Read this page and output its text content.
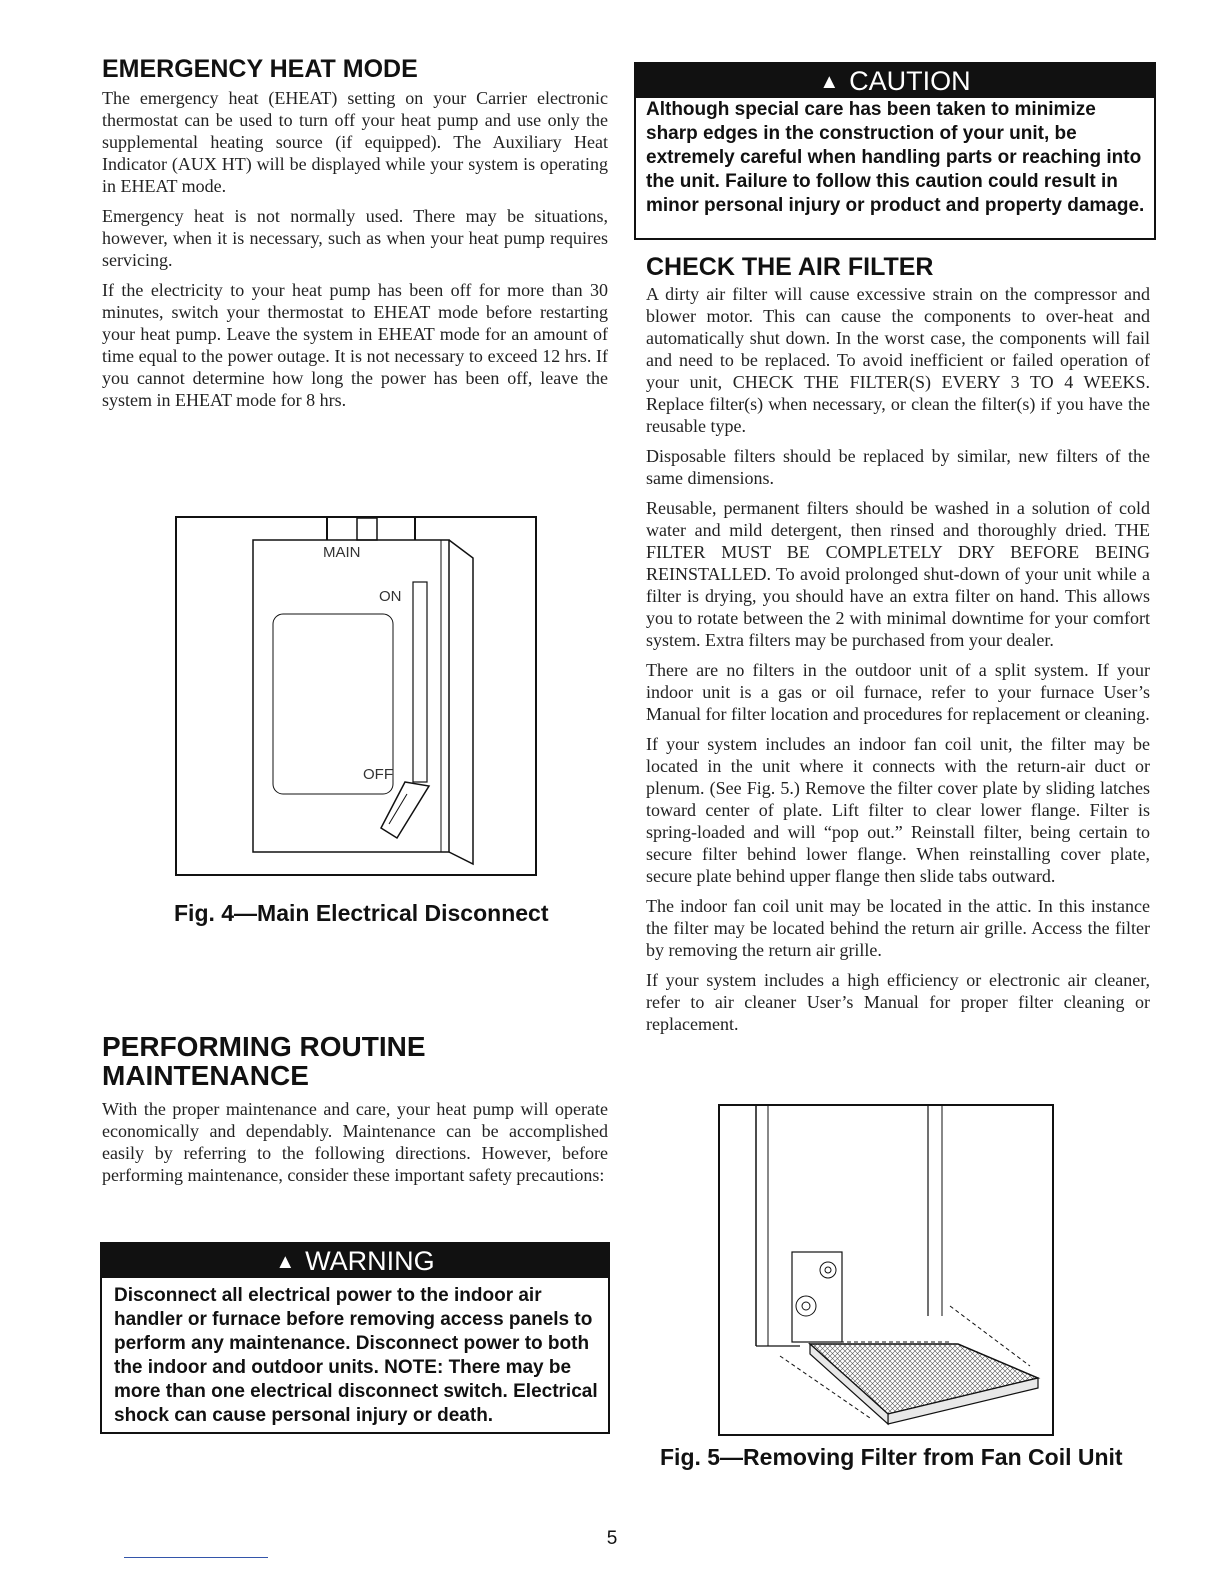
EMERGENCY HEAT MODE

The emergency heat (EHEAT) setting on your Carrier electronic thermostat can be used to turn off your heat pump and use only the supplemental heating source (if equipped). The Auxiliary Heat Indicator (AUX HT) will be displayed while your system is operating in EHEAT mode.

Emergency heat is not normally used. There may be situations, however, when it is necessary, such as when your heat pump requires servicing.

If the electricity to your heat pump has been off for more than 30 minutes, switch your thermostat to EHEAT mode before restarting your heat pump. Leave the system in EHEAT mode for an amount of time equal to the power outage. It is not necessary to exceed 12 hrs. If you cannot determine how long the power has been off, leave the system in EHEAT mode for 8 hrs.

MAIN
ON
OFF
Fig. 4—Main Electrical Disconnect
PERFORMING ROUTINE
MAINTENANCE

With the proper maintenance and care, your heat pump will operate economically and dependably. Maintenance can be accomplished easily by referring to the following directions. However, before performing maintenance, consider these important safety precautions:

▲ WARNING
Disconnect all electrical power to the indoor air handler or furnace before removing access panels to perform any maintenance. Disconnect power to both the indoor and outdoor units. NOTE: There may be more than one electrical disconnect switch. Electrical shock can cause personal injury or death.
▲ CAUTION
Although special care has been taken to minimize sharp edges in the construction of your unit, be extremely careful when handling parts or reaching into the unit. Failure to follow this caution could result in minor personal injury or product and property damage.
CHECK THE AIR FILTER

A dirty air filter will cause excessive strain on the compressor and blower motor. This can cause the components to over-heat and automatically shut down. In the worst case, the components will fail and need to be replaced. To avoid inefficient or failed operation of your unit, CHECK THE FILTER(S) EVERY 3 TO 4 WEEKS. Replace filter(s) when necessary, or clean the filter(s) if you have the reusable type.

Disposable filters should be replaced by similar, new filters of the same dimensions.

Reusable, permanent filters should be washed in a solution of cold water and mild detergent, then rinsed and thoroughly dried. THE FILTER MUST BE COMPLETELY DRY BEFORE BEING REINSTALLED. To avoid prolonged shut-down of your unit while a filter is drying, you should have an extra filter on hand. This allows you to rotate between the 2 with minimal downtime for your comfort system. Extra filters may be purchased from your dealer.

There are no filters in the outdoor unit of a split system. If your indoor unit is a gas or oil furnace, refer to your furnace User’s Manual for filter location and procedures for replacement or cleaning.

If your system includes an indoor fan coil unit, the filter may be located in the unit where it connects with the return-air duct or plenum. (See Fig. 5.) Remove the filter cover plate by sliding latches toward center of plate. Lift filter to clear lower flange. Filter is spring-loaded and will “pop out.” Reinstall filter, being certain to secure filter behind lower flange. When reinstalling cover plate, secure plate behind upper flange then slide tabs outward.

The indoor fan coil unit may be located in the attic. In this instance the filter may be located behind the return air grille. Access the filter by removing the return air grille.

If your system includes a high efficiency or electronic air cleaner, refer to air cleaner User’s Manual for proper filter cleaning or replacement.

Fig. 5—Removing Filter from Fan Coil Unit
5
